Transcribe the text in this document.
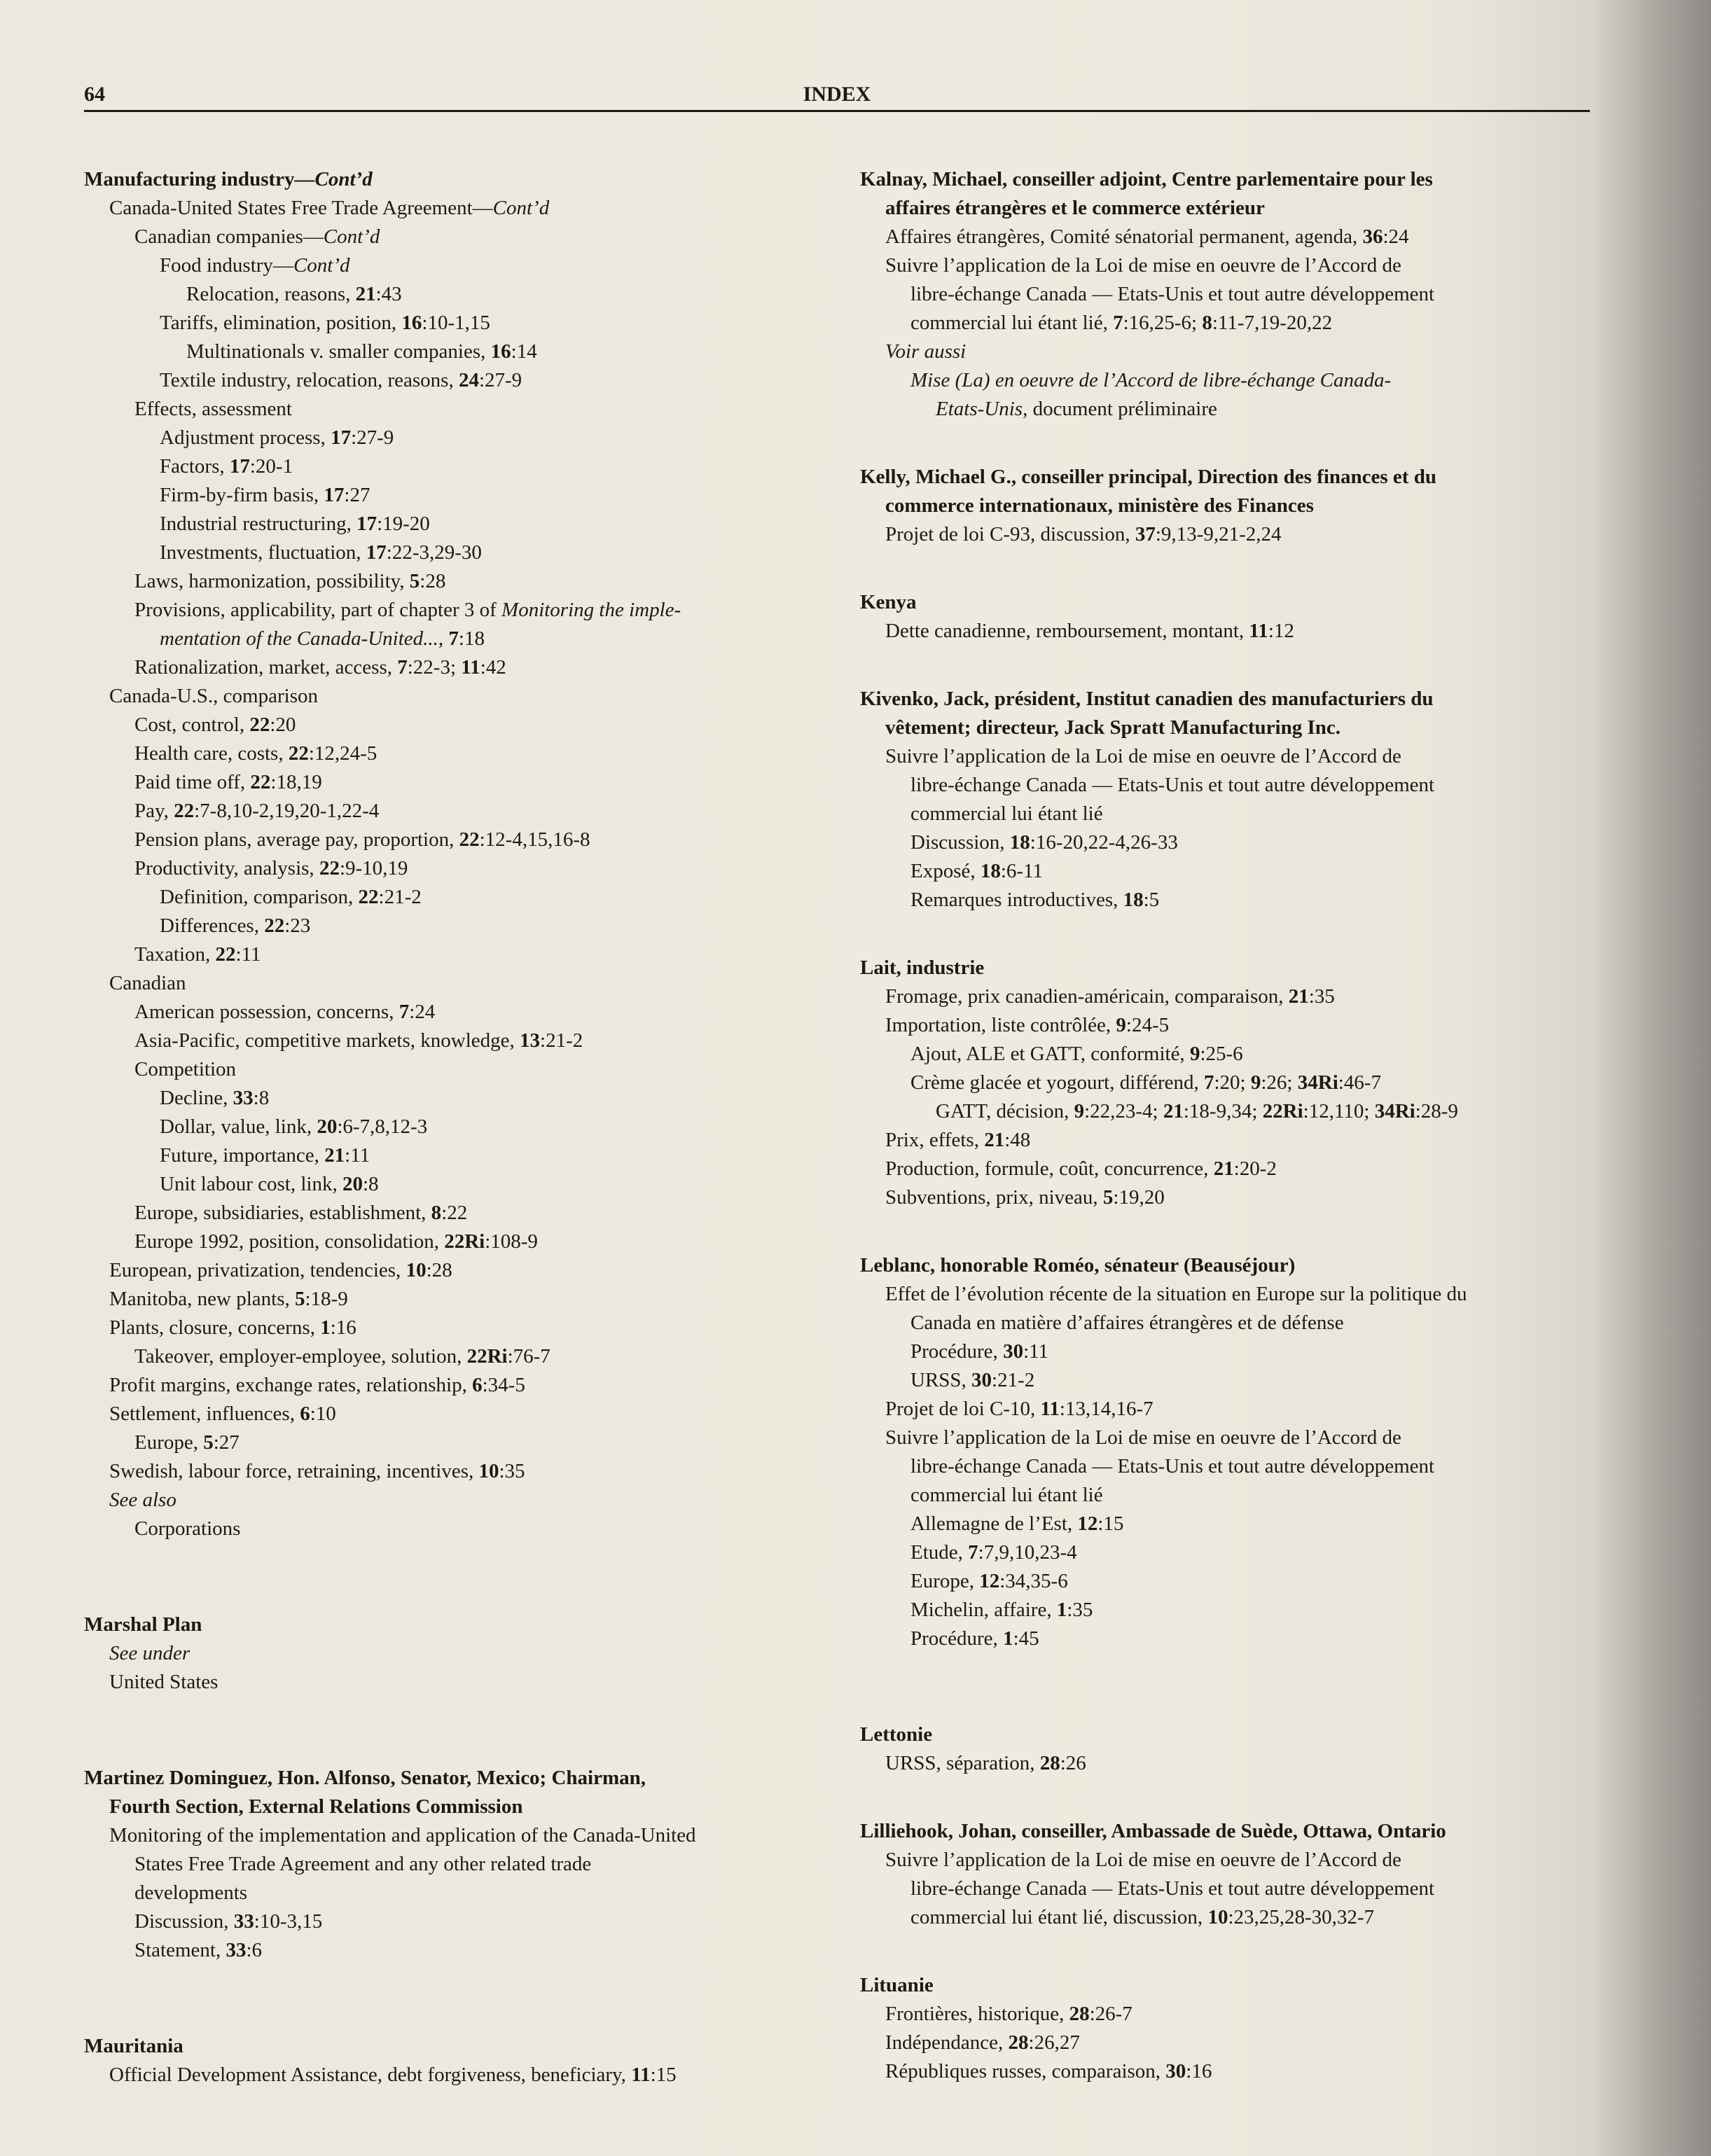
64	INDEX
Manufacturing industry—Cont’d
Canada-United States Free Trade Agreement—Cont’d
Canadian companies—Cont’d
Food industry—Cont’d
Relocation, reasons, 21:43
Tariffs, elimination, position, 16:10-1,15
Multinationals v. smaller companies, 16:14
Textile industry, relocation, reasons, 24:27-9
Effects, assessment
Adjustment process, 17:27-9
Factors, 17:20-1
Firm-by-firm basis, 17:27
Industrial restructuring, 17:19-20
Investments, fluctuation, 17:22-3,29-30
Laws, harmonization, possibility, 5:28
Provisions, applicability, part of chapter 3 of Monitoring the imple-
mentation of the Canada-United..., 7:18
Rationalization, market, access, 7:22-3; 11:42
Canada-U.S., comparison
Cost, control, 22:20
Health care, costs, 22:12,24-5
Paid time off, 22:18,19
Pay, 22:7-8,10-2,19,20-1,22-4
Pension plans, average pay, proportion, 22:12-4,15,16-8
Productivity, analysis, 22:9-10,19
Definition, comparison, 22:21-2
Differences, 22:23
Taxation, 22:11
Canadian
American possession, concerns, 7:24
Asia-Pacific, competitive markets, knowledge, 13:21-2
Competition
Decline, 33:8
Dollar, value, link, 20:6-7,8,12-3
Future, importance, 21:11
Unit labour cost, link, 20:8
Europe, subsidiaries, establishment, 8:22
Europe 1992, position, consolidation, 22Ri:108-9
European, privatization, tendencies, 10:28
Manitoba, new plants, 5:18-9
Plants, closure, concerns, 1:16
Takeover, employer-employee, solution, 22Ri:76-7
Profit margins, exchange rates, relationship, 6:34-5
Settlement, influences, 6:10
Europe, 5:27
Swedish, labour force, retraining, incentives, 10:35
See also
Corporations
Marshal Plan
See under
United States
Martinez Dominguez, Hon. Alfonso, Senator, Mexico; Chairman,
Fourth Section, External Relations Commission
Monitoring of the implementation and application of the Canada-United
States Free Trade Agreement and any other related trade
developments
Discussion, 33:10-3,15
Statement, 33:6
Mauritania
Official Development Assistance, debt forgiveness, beneficiary, 11:15
Kalnay, Michael, conseiller adjoint, Centre parlementaire pour les
affaires étrangères et le commerce extérieur
Affaires étrangères, Comité sénatorial permanent, agenda, 36:24
Suivre l’application de la Loi de mise en oeuvre de l’Accord de
libre-échange Canada — Etats-Unis et tout autre développement
commercial lui étant lié, 7:16,25-6; 8:11-7,19-20,22
Voir aussi
Mise (La) en oeuvre de l’Accord de libre-échange Canada-
Etats-Unis, document préliminaire
Kelly, Michael G., conseiller principal, Direction des finances et du
commerce internationaux, ministère des Finances
Projet de loi C-93, discussion, 37:9,13-9,21-2,24
Kenya
Dette canadienne, remboursement, montant, 11:12
Kivenko, Jack, président, Institut canadien des manufacturiers du
vêtement; directeur, Jack Spratt Manufacturing Inc.
Suivre l’application de la Loi de mise en oeuvre de l’Accord de
libre-échange Canada — Etats-Unis et tout autre développement
commercial lui étant lié
Discussion, 18:16-20,22-4,26-33
Exposé, 18:6-11
Remarques introductives, 18:5
Lait, industrie
Fromage, prix canadien-américain, comparaison, 21:35
Importation, liste contrôlée, 9:24-5
Ajout, ALE et GATT, conformité, 9:25-6
Crème glacée et yogourt, différend, 7:20; 9:26; 34Ri:46-7
GATT, décision, 9:22,23-4; 21:18-9,34; 22Ri:12,110; 34Ri:28-9
Prix, effets, 21:48
Production, formule, coût, concurrence, 21:20-2
Subventions, prix, niveau, 5:19,20
Leblanc, honorable Roméo, sénateur (Beauséjour)
Effet de l’évolution récente de la situation en Europe sur la politique du
Canada en matière d’affaires étrangères et de défense
Procédure, 30:11
URSS, 30:21-2
Projet de loi C-10, 11:13,14,16-7
Suivre l’application de la Loi de mise en oeuvre de l’Accord de
libre-échange Canada — Etats-Unis et tout autre développement
commercial lui étant lié
Allemagne de l’Est, 12:15
Etude, 7:7,9,10,23-4
Europe, 12:34,35-6
Michelin, affaire, 1:35
Procédure, 1:45
Lettonie
URSS, séparation, 28:26
Lilliehook, Johan, conseiller, Ambassade de Suède, Ottawa, Ontario
Suivre l’application de la Loi de mise en oeuvre de l’Accord de
libre-échange Canada — Etats-Unis et tout autre développement
commercial lui étant lié, discussion, 10:23,25,28-30,32-7
Lituanie
Frontières, historique, 28:26-7
Indépendance, 28:26,27
Républiques russes, comparaison, 30:16
